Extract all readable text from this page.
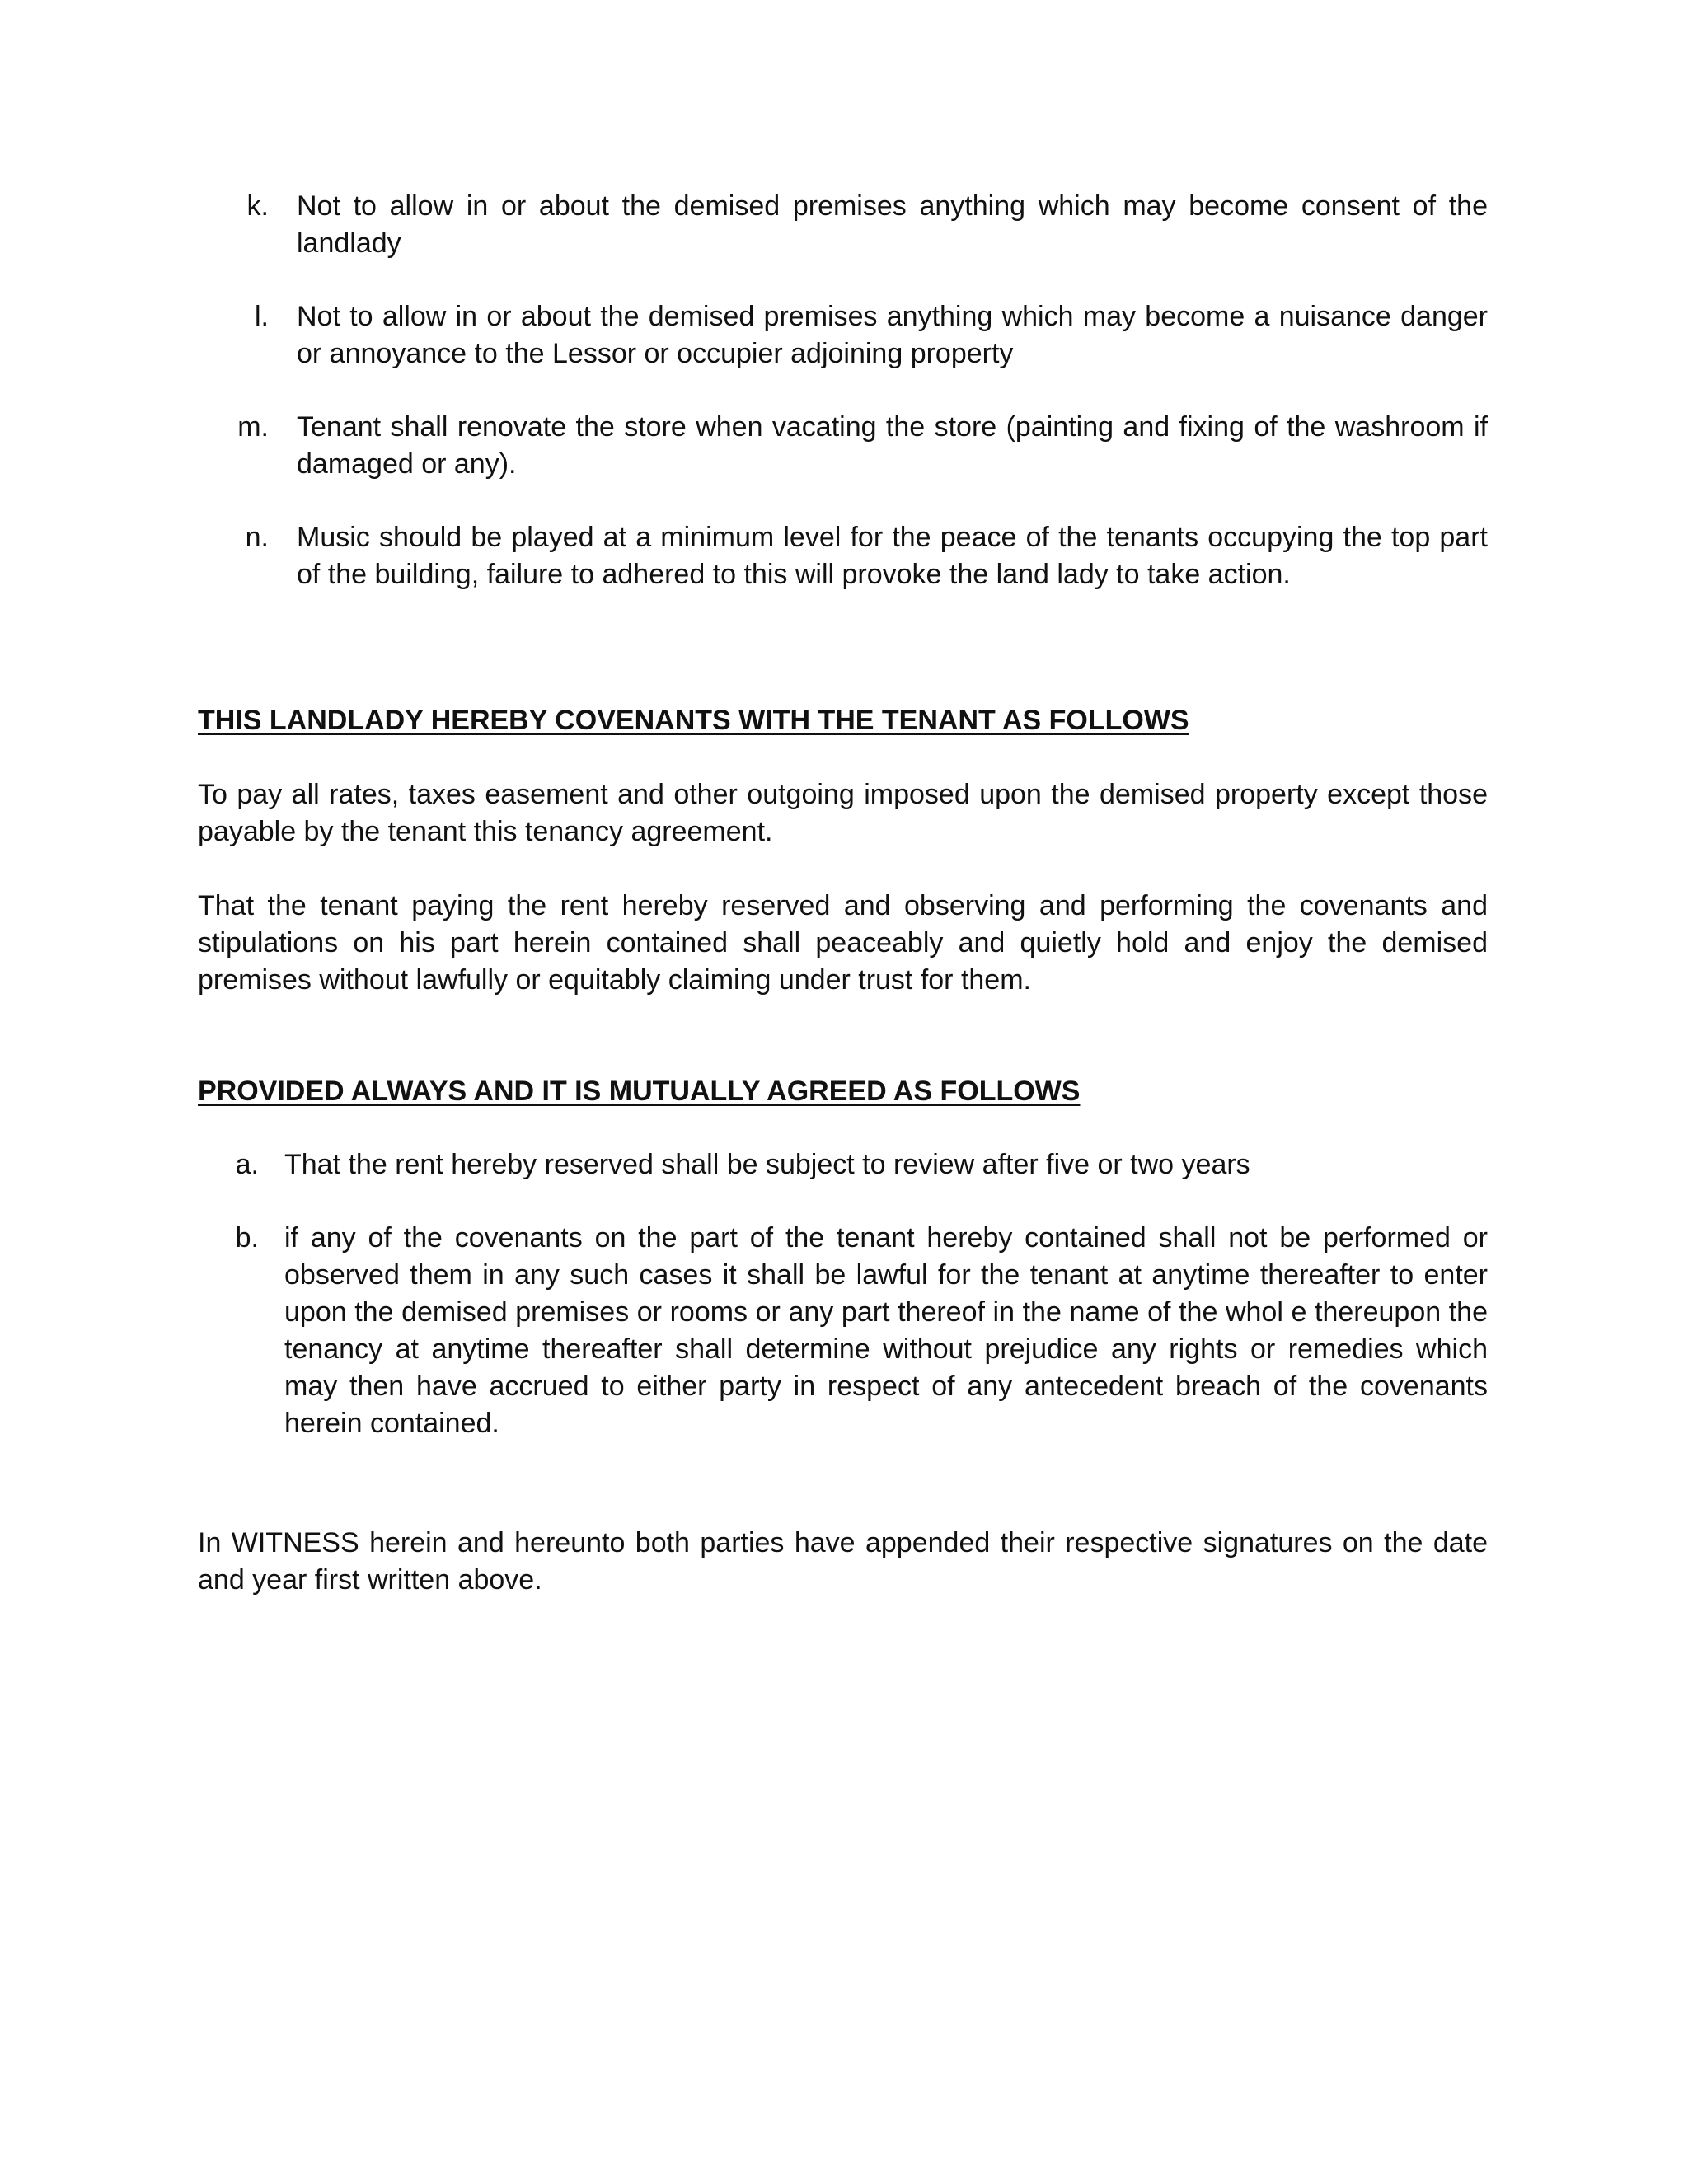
k.	Not to allow in or about the demised premises anything which may become consent of the landlady

l.	Not to allow in or about the demised premises anything which may become a nuisance danger or annoyance to the Lessor or occupier adjoining property

m.	Tenant shall renovate the store when vacating the store (painting and fixing of the washroom if damaged or any).

n.	Music should be played at a minimum level for the peace of the tenants occupying the top part of the building, failure to adhered to this will provoke the land lady to take action.

THIS LANDLADY HEREBY COVENANTS WITH THE TENANT AS FOLLOWS

To pay all rates, taxes easement and other outgoing imposed upon the demised property except those payable by the tenant this tenancy agreement.

That the tenant paying the rent hereby reserved and observing and performing the covenants and stipulations on his part herein contained shall peaceably and quietly hold and enjoy the demised premises without lawfully or equitably claiming under trust for them.

PROVIDED ALWAYS AND IT IS MUTUALLY AGREED AS FOLLOWS
a. That the rent hereby reserved shall be subject to review after five or two years

b. if any of the covenants on the part of the tenant hereby contained shall not be performed or observed them in any such cases it shall be lawful for the tenant at anytime thereafter to enter upon the demised premises or rooms or any part thereof in the name of the whol e thereupon the tenancy at anytime thereafter shall determine without prejudice any rights or remedies which may then have accrued to either party in respect of any antecedent breach of the covenants herein contained.

In WITNESS herein and hereunto both parties have appended their respective signatures on the date and year first written above.
